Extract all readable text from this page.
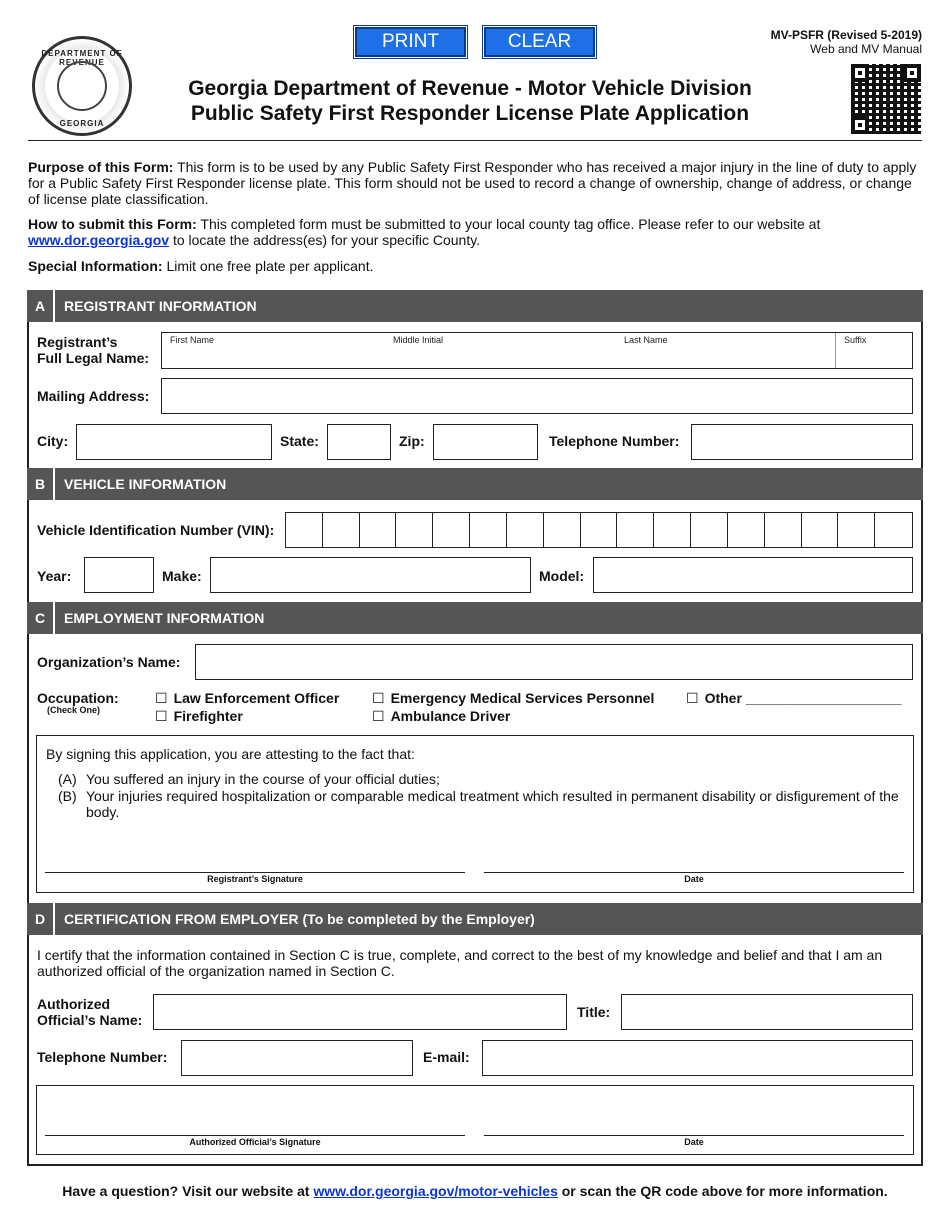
DEPARTMENT OF REVENUE
GEORGIA
PRINT	CLEAR	MV-PSFR (Revised 5-2019)
Web and MV Manual
Georgia Department of Revenue - Motor Vehicle Division
Public Safety First Responder License Plate Application
Purpose of this Form: This form is to be used by any Public Safety First Responder who has received a major injury in the line of duty to apply for a Public Safety First Responder license plate. This form should not be used to record a change of ownership, change of address, or change of license plate classification.
How to submit this Form: This completed form must be submitted to your local county tag office. Please refer to our website at www.dor.georgia.gov to locate the address(es) for your specific County.
Special Information: Limit one free plate per applicant.
A	REGISTRANT INFORMATION
Registrant’s
Full Legal Name:
First Name	Middle Initial	Last Name	Suffix
Mailing Address:
City:	State:	Zip:	Telephone Number:
B	VEHICLE INFORMATION
Vehicle Identification Number (VIN):
Year:	Make:	Model:
C	EMPLOYMENT INFORMATION
Organization’s Name:
Occupation:
(Check One)
☐ Law Enforcement Officer ☐ Emergency Medical Services Personnel ☐ Other ____________________
☐ Firefighter	☐ Ambulance Driver
By signing this application, you are attesting to the fact that:
(A) You suffered an injury in the course of your official duties;
(B) Your injuries required hospitalization or comparable medical treatment which resulted in permanent disability or disfigurement of the body.
Registrant’s Signature	Date
D	CERTIFICATION FROM EMPLOYER (To be completed by the Employer)
I certify that the information contained in Section C is true, complete, and correct to the best of my knowledge and belief and that I am an authorized official of the organization named in Section C.
Authorized
Official’s Name:	Title:
Telephone Number:	E-mail:
Authorized Official’s Signature	Date
Have a question? Visit our website at www.dor.georgia.gov/motor-vehicles or scan the QR code above for more information.
